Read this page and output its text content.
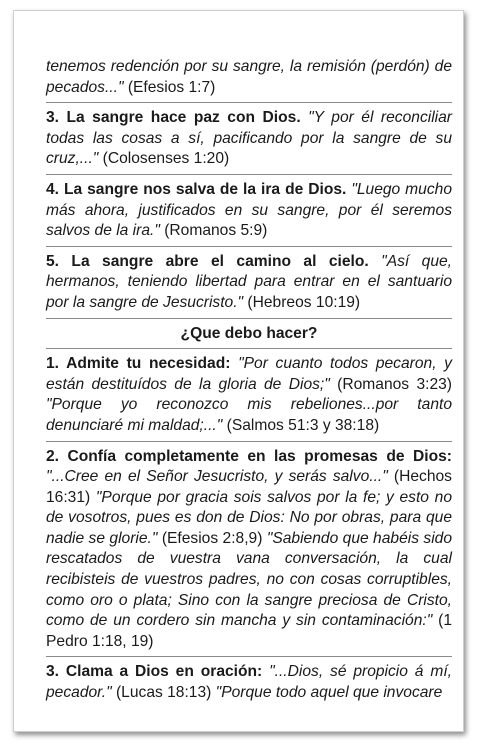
tenemos redención por su sangre, la remisión (perdón) de pecados..." (Efesios 1:7)
3. La sangre hace paz con Dios. "Y por él reconciliar todas las cosas a sí, pacificando por la sangre de su cruz,..." (Colosenses 1:20)
4. La sangre nos salva de la ira de Dios. "Luego mucho más ahora, justificados en su sangre, por él seremos salvos de la ira." (Romanos 5:9)
5. La sangre abre el camino al cielo. "Así que, hermanos, teniendo libertad para entrar en el santuario por la sangre de Jesucristo." (Hebreos 10:19)
¿Que debo hacer?
1. Admite tu necesidad: "Por cuanto todos pecaron, y están destituídos de la gloria de Dios;" (Romanos 3:23) "Porque yo reconozco mis rebeliones...por tanto denunciaré mi maldad;..." (Salmos 51:3 y 38:18)
2. Confía completamente en las promesas de Dios: "...Cree en el Señor Jesucristo, y serás salvo..." (Hechos 16:31) "Porque por gracia sois salvos por la fe; y esto no de vosotros, pues es don de Dios: No por obras, para que nadie se glorie." (Efesios 2:8,9) "Sabiendo que habéis sido rescatados de vuestra vana conversación, la cual recibisteis de vuestros padres, no con cosas corruptibles, como oro o plata; Sino con la sangre preciosa de Cristo, como de un cordero sin mancha y sin contaminación:" (1 Pedro 1:18, 19)
3. Clama a Dios en oración: "...Dios, sé propicio á mí, pecador." (Lucas 18:13) "Porque todo aquel que invocare
